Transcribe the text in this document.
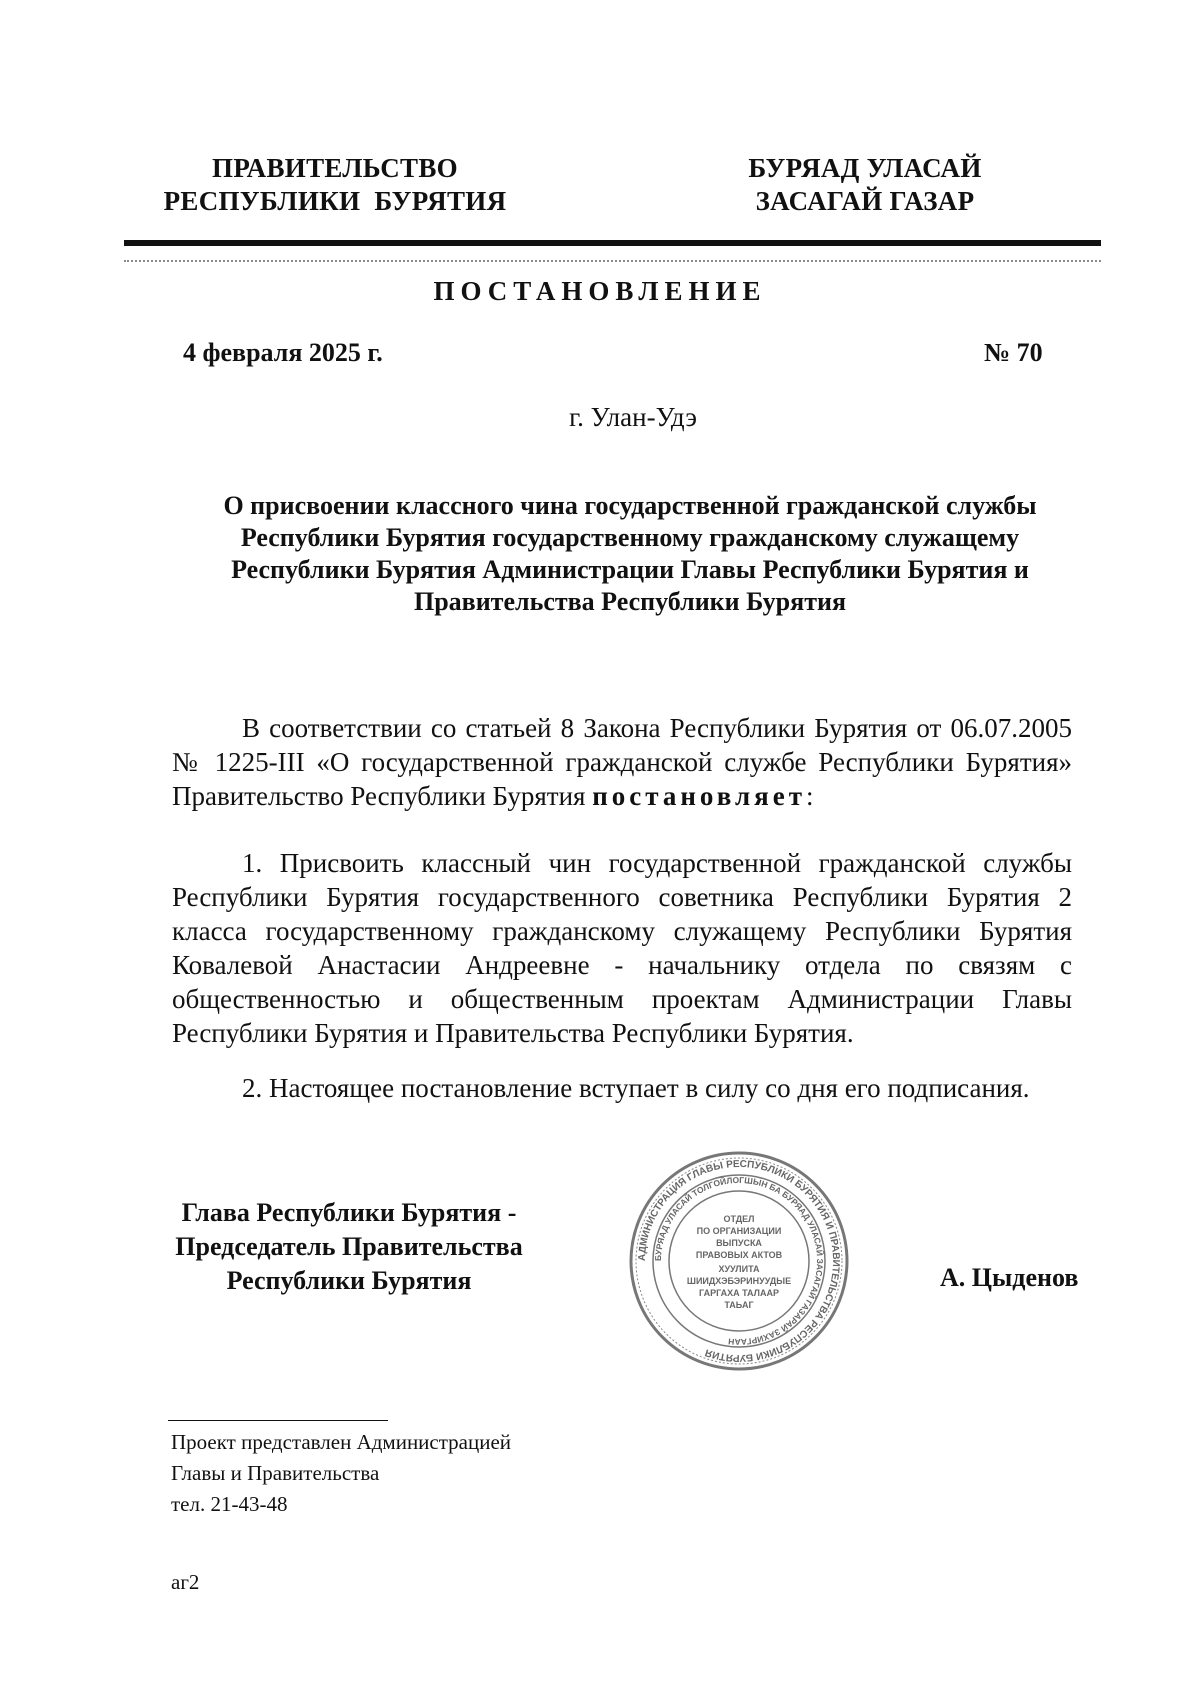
ПРАВИТЕЛЬСТВО
РЕСПУБЛИКИ  БУРЯТИЯ
БУРЯАД УЛАСАЙ
ЗАСАГАЙ ГАЗАР
ПОСТАНОВЛЕНИЕ
4 февраля 2025 г.	№ 70
г. Улан-Удэ
О присвоении классного чина государственной гражданской службы Республики Бурятия государственному гражданскому служащему Республики Бурятия Администрации Главы Республики Бурятия и Правительства Республики Бурятия
В соответствии со статьей 8 Закона Республики Бурятия от 06.07.2005 № 1225-III «О государственной гражданской службе Республики Бурятия» Правительство Республики Бурятия постановляет:
1. Присвоить классный чин государственной гражданской службы Республики Бурятия государственного советника Республики Бурятия 2 класса государственному гражданскому служащему Республики Бурятия Ковалевой Анастасии Андреевне - начальнику отдела по связям с общественностью и общественным проектам Администрации Главы Республики Бурятия и Правительства Республики Бурятия.
2. Настоящее постановление вступает в силу со дня его подписания.
Глава Республики Бурятия -
Председатель Правительства
Республики Бурятия
АДМИНИСТРАЦИЯ ГЛАВЫ РЕСПУБЛИКИ БУРЯТИЯ И ПРАВИТЕЛЬСТВА РЕСПУБЛИКИ БУРЯТИЯ
БУРЯАД УЛАСАЙ ТОЛГОЙЛОГШЫН БА БУРЯАД УЛАСАЙ ЗАСАГАЙ ГАЗАРАЙ ЗАХИРГААН
ОТДЕЛ
ПО ОРГАНИЗАЦИИ
ВЫПУСКА
ПРАВОВЫХ АКТОВ
ХУУЛИТА
ШИИДХЭБЭРИНУУДЫЕ
ГАРГАХА ТАЛААР
ТАЬАГ
А. Цыденов
Проект представлен Администрацией
Главы и Правительства
тел. 21-43-48
аг2
